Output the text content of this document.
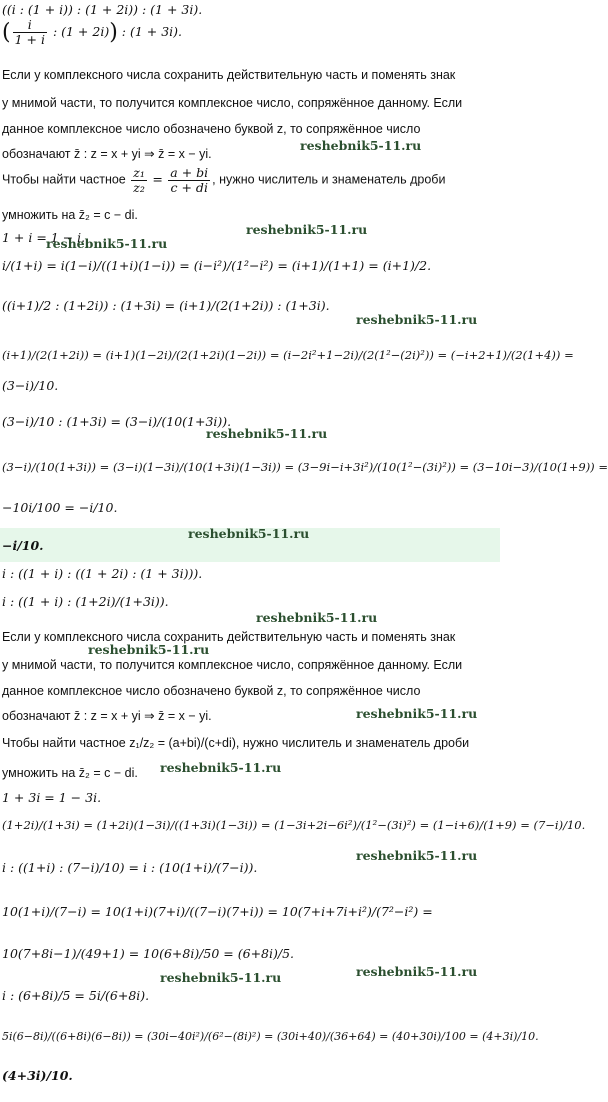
((i : (1 + i)) : (1 + 2i)) : (1 + 3i).
( $\frac{i}{1 + i}$ : (1 + 2i)) : (1 + 3i).
Если у комплексного числа сохранить действительную часть и поменять знак
у мнимой части, то получится комплексное число, сопряжённое данному. Если
данное комплексное число обозначено буквой z, то сопряжённое число
обозначают z̄ : z = x + yi ⇒ z̄ = x − yi.
Чтобы найти частное $\frac{\text{z₁}}{\text{z₂}} = \frac{a + bi}{c + di}$ , нужно числитель и знаменатель дроби
умножить на z̄₂ = c − di.
1 + i = 1 − i.
i/(1+i) = i(1−i)/((1+i)(1−i)) = (i−i²)/(1²−i²) = (i+1)/(1+1) = (i+1)/2.
((i+1)/2 : (1+2i)) : (1+3i) = (i+1)/(2(1+2i)) : (1+3i).
(i+1)/(2(1+2i)) = (i+1)(1−2i)/(2(1+2i)(1−2i)) = (i−2i²+1−2i)/(2(1²−(2i)²)) = (−i+2+1)/(2(1+4)) =
(3−i)/10.
(3−i)/10 : (1+3i) = (3−i)/(10(1+3i)).
(3−i)/(10(1+3i)) = (3−i)(1−3i)/(10(1+3i)(1−3i)) = (3−9i−i+3i²)/(10(1²−(3i)²)) = (3−10i−3)/(10(1+9)) =
−10i/100 = −i/10.
−i/10.
i : ((1 + i) : ((1 + 2i) : (1 + 3i))).
i : ((1 + i) : (1+2i)/(1+3i)).
Если у комплексного числа сохранить действительную часть и поменять знак
у мнимой части, то получится комплексное число, сопряжённое данному. Если
данное комплексное число обозначено буквой z, то сопряжённое число
обозначают z̄ : z = x + yi ⇒ z̄ = x − yi.
Чтобы найти частное z₁/z₂ = (a+bi)/(c+di), нужно числитель и знаменатель дроби
умножить на z̄₂ = c − di.
1 + 3i = 1 − 3i.
(1+2i)/(1+3i) = (1+2i)(1−3i)/((1+3i)(1−3i)) = (1−3i+2i−6i²)/(1²−(3i)²) = (1−i+6)/(1+9) = (7−i)/10.
i : ((1+i) : (7−i)/10) = i : (10(1+i)/(7−i)).
10(1+i)/(7−i) = 10(1+i)(7+i)/((7−i)(7+i)) = 10(7+i+7i+i²)/(7²−i²) =
10(7+8i−1)/(49+1) = 10(6+8i)/50 = (6+8i)/5.
i : (6+8i)/5 = 5i/(6+8i).
5i(6−8i)/((6+8i)(6−8i)) = (30i−40i²)/(6²−(8i)²) = (30i+40)/(36+64) = (40+30i)/100 = (4+3i)/10.
(4+3i)/10.
reshebnik5-11.ru
reshebnik5-11.ru
reshebnik5-11.ru
reshebnik5-11.ru
reshebnik5-11.ru
reshebnik5-11.ru
reshebnik5-11.ru
reshebnik5-11.ru
reshebnik5-11.ru
reshebnik5-11.ru
reshebnik5-11.ru
reshebnik5-11.ru
reshebnik5-11.ru
